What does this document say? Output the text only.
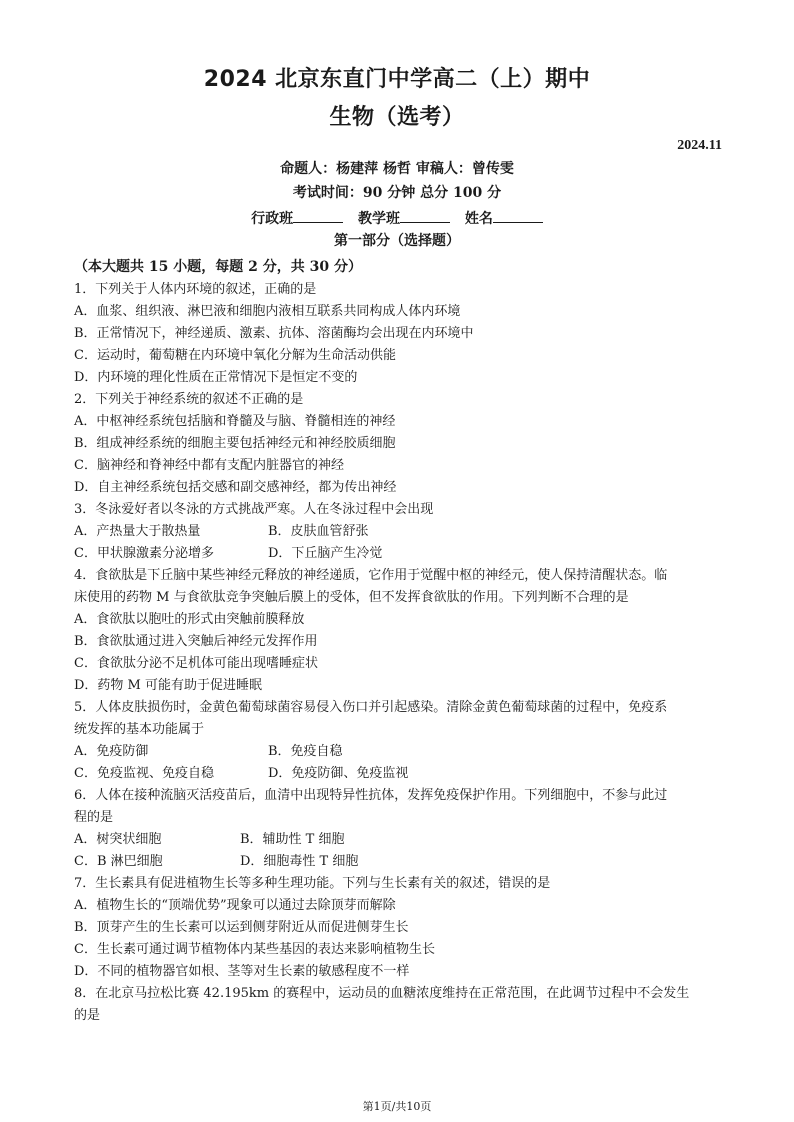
2024 北京东直门中学高二（上）期中
生物（选考）
2024.11
命题人：杨建萍 杨哲 审稿人：曾传雯
考试时间：90 分钟 总分 100 分
行政班	教学班	姓名
第一部分（选择题）
（本大题共 15 小题，每题 2 分，共 30 分）
1．下列关于人体内环境的叙述，正确的是
A．血浆、组织液、淋巴液和细胞内液相互联系共同构成人体内环境
B．正常情况下，神经递质、激素、抗体、溶菌酶均会出现在内环境中
C．运动时，葡萄糖在内环境中氧化分解为生命活动供能
D．内环境的理化性质在正常情况下是恒定不变的
2．下列关于神经系统的叙述不正确的是
A．中枢神经系统包括脑和脊髓及与脑、脊髓相连的神经
B．组成神经系统的细胞主要包括神经元和神经胶质细胞
C．脑神经和脊神经中都有支配内脏器官的神经
D．自主神经系统包括交感和副交感神经，都为传出神经
3．冬泳爱好者以冬泳的方式挑战严寒。人在冬泳过程中会出现
A．产热量大于散热量	B．皮肤血管舒张
C．甲状腺激素分泌增多	D．下丘脑产生冷觉
4．食欲肽是下丘脑中某些神经元释放的神经递质，它作用于觉醒中枢的神经元，使人保持清醒状态。临
床使用的药物 M 与食欲肽竞争突触后膜上的受体，但不发挥食欲肽的作用。下列判断不合理的是
A．食欲肽以胞吐的形式由突触前膜释放
B．食欲肽通过进入突触后神经元发挥作用
C．食欲肽分泌不足机体可能出现嗜睡症状
D．药物 M 可能有助于促进睡眠
5．人体皮肤损伤时，金黄色葡萄球菌容易侵入伤口并引起感染。清除金黄色葡萄球菌的过程中，免疫系
统发挥的基本功能属于
A．免疫防御	B．免疫自稳
C．免疫监视、免疫自稳	D．免疫防御、免疫监视
6．人体在接种流脑灭活疫苗后，血清中出现特异性抗体，发挥免疫保护作用。下列细胞中，不参与此过
程的是
A．树突状细胞	B．辅助性 T 细胞
C．B 淋巴细胞	D．细胞毒性 T 细胞
7．生长素具有促进植物生长等多种生理功能。下列与生长素有关的叙述，错误的是
A．植物生长的“顶端优势”现象可以通过去除顶芽而解除
B．顶芽产生的生长素可以运到侧芽附近从而促进侧芽生长
C．生长素可通过调节植物体内某些基因的表达来影响植物生长
D．不同的植物器官如根、茎等对生长素的敏感程度不一样
8．在北京马拉松比赛 42.195km 的赛程中，运动员的血糖浓度维持在正常范围，在此调节过程中不会发生
的是
第1页/共10页
